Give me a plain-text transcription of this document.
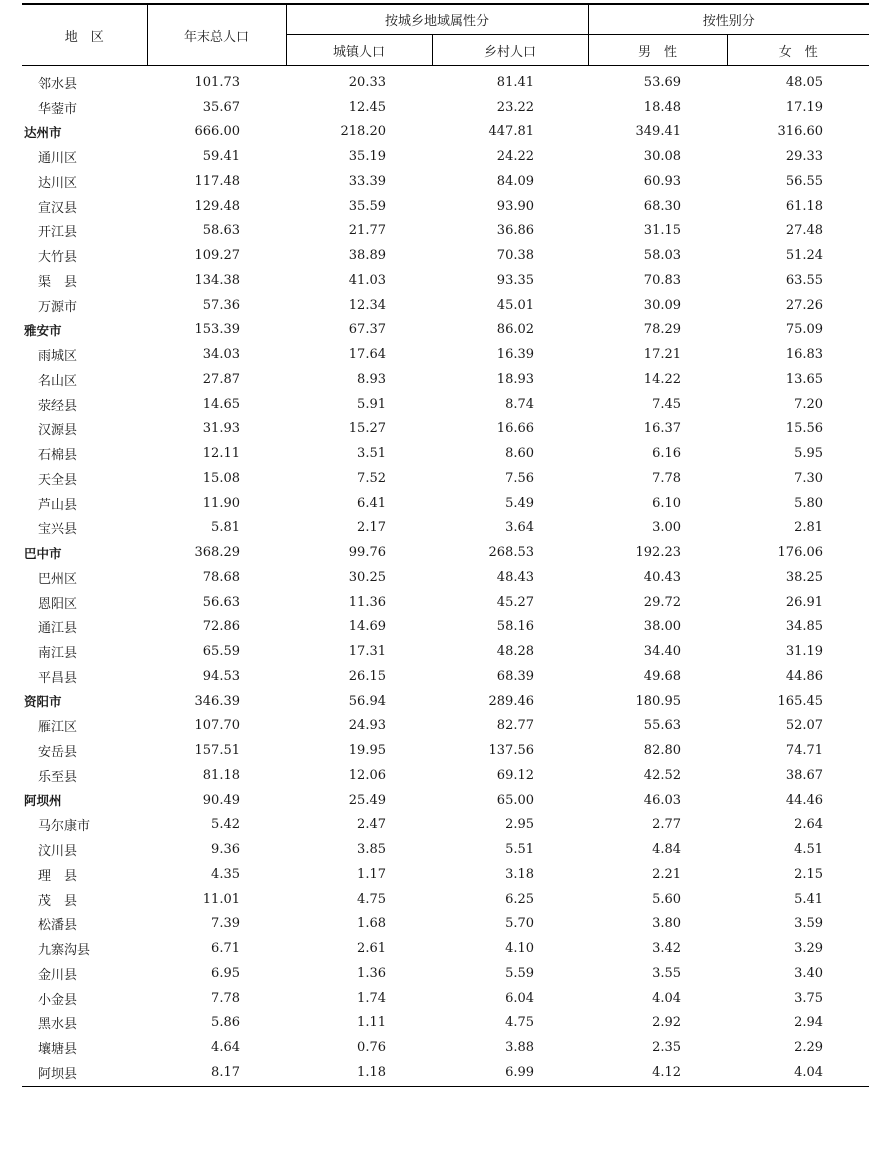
地　区	年末总人口	按城乡地域属性分		按性别分	
		城镇人口	乡村人口	男　性	女　性
邻水县	101.73	20.33	81.41	53.69	48.05
华蓥市	35.67	12.45	23.22	18.48	17.19
达州市	666.00	218.20	447.81	349.41	316.60
通川区	59.41	35.19	24.22	30.08	29.33
达川区	117.48	33.39	84.09	60.93	56.55
宣汉县	129.48	35.59	93.90	68.30	61.18
开江县	58.63	21.77	36.86	31.15	27.48
大竹县	109.27	38.89	70.38	58.03	51.24
渠　县	134.38	41.03	93.35	70.83	63.55
万源市	57.36	12.34	45.01	30.09	27.26
雅安市	153.39	67.37	86.02	78.29	75.09
雨城区	34.03	17.64	16.39	17.21	16.83
名山区	27.87	8.93	18.93	14.22	13.65
荥经县	14.65	5.91	8.74	7.45	7.20
汉源县	31.93	15.27	16.66	16.37	15.56
石棉县	12.11	3.51	8.60	6.16	5.95
天全县	15.08	7.52	7.56	7.78	7.30
芦山县	11.90	6.41	5.49	6.10	5.80
宝兴县	5.81	2.17	3.64	3.00	2.81
巴中市	368.29	99.76	268.53	192.23	176.06
巴州区	78.68	30.25	48.43	40.43	38.25
恩阳区	56.63	11.36	45.27	29.72	26.91
通江县	72.86	14.69	58.16	38.00	34.85
南江县	65.59	17.31	48.28	34.40	31.19
平昌县	94.53	26.15	68.39	49.68	44.86
资阳市	346.39	56.94	289.46	180.95	165.45
雁江区	107.70	24.93	82.77	55.63	52.07
安岳县	157.51	19.95	137.56	82.80	74.71
乐至县	81.18	12.06	69.12	42.52	38.67
阿坝州	90.49	25.49	65.00	46.03	44.46
马尔康市	5.42	2.47	2.95	2.77	2.64
汶川县	9.36	3.85	5.51	4.84	4.51
理　县	4.35	1.17	3.18	2.21	2.15
茂　县	11.01	4.75	6.25	5.60	5.41
松潘县	7.39	1.68	5.70	3.80	3.59
九寨沟县	6.71	2.61	4.10	3.42	3.29
金川县	6.95	1.36	5.59	3.55	3.40
小金县	7.78	1.74	6.04	4.04	3.75
黑水县	5.86	1.11	4.75	2.92	2.94
壤塘县	4.64	0.76	3.88	2.35	2.29
阿坝县	8.17	1.18	6.99	4.12	4.04
